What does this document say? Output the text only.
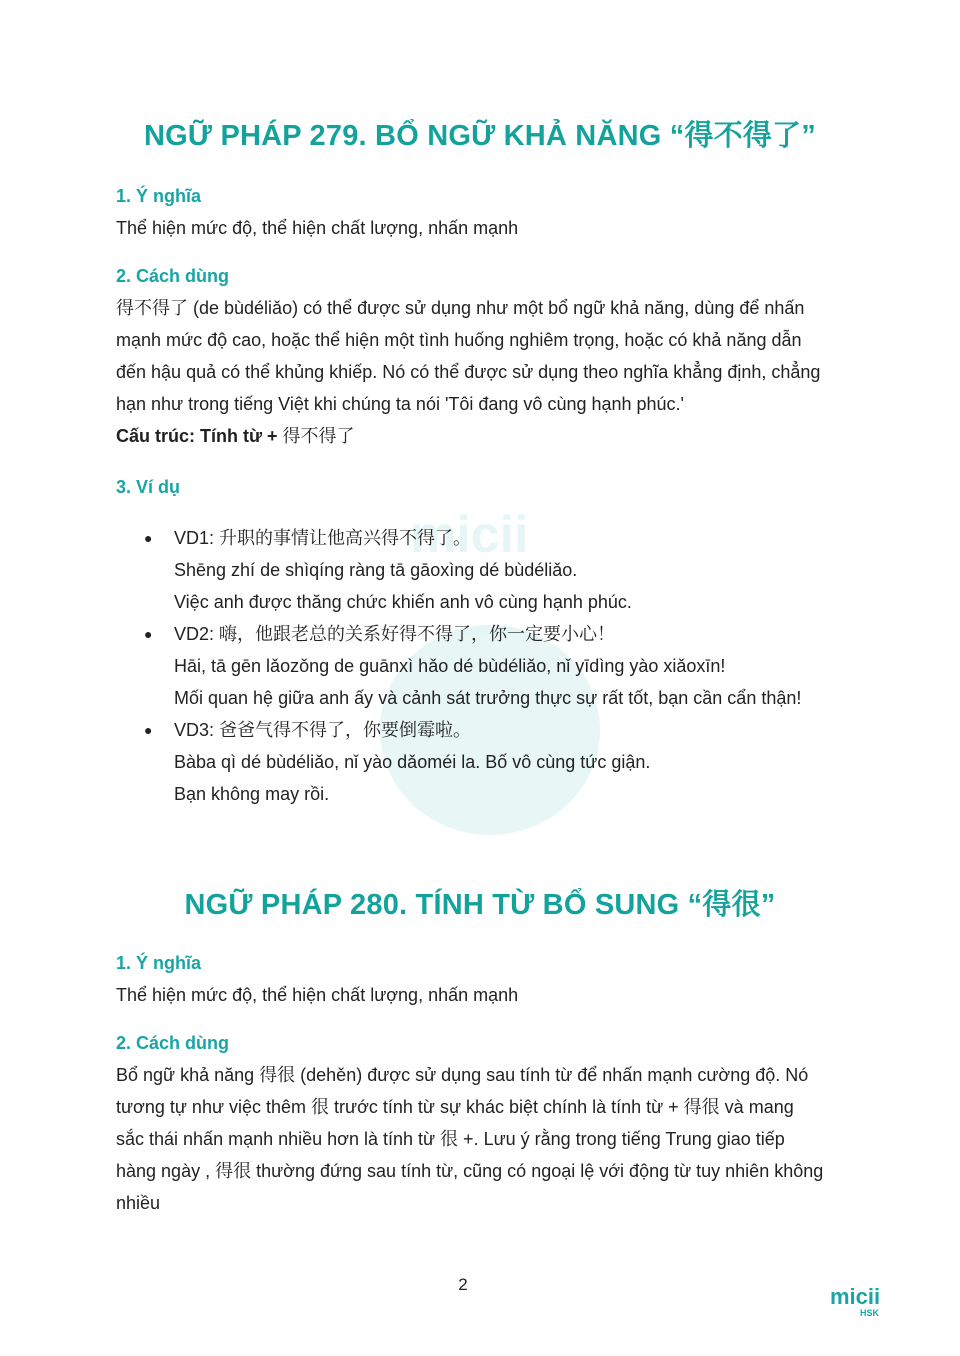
micii
NGỮ PHÁP 279. BỔ NGỮ KHẢ NĂNG “得不得了”
1. Ý nghĩa
Thể hiện mức độ, thể hiện chất lượng, nhấn mạnh
2. Cách dùng
得不得了 (de bùdéliǎo) có thể được sử dụng như một bổ ngữ khả năng, dùng để nhấn
mạnh mức độ cao, hoặc thể hiện một tình huống nghiêm trọng, hoặc có khả năng dẫn
đến hậu quả có thể khủng khiếp. Nó có thể được sử dụng theo nghĩa khẳng định, chẳng
hạn như trong tiếng Việt khi chúng ta nói 'Tôi đang vô cùng hạnh phúc.'
Cấu trúc: Tính từ + 得不得了
3. Ví dụ
● VD1: 升职的事情让他高兴得不得了。
Shēng zhí de shìqíng ràng tā gāoxìng dé bùdéliǎo.
Việc anh được thăng chức khiến anh vô cùng hạnh phúc.
● VD2: 嗨，他跟老总的关系好得不得了，你一定要小心！
Hāi, tā gēn lǎozǒng de guānxì hǎo dé bùdéliǎo, nǐ yīdìng yào xiǎoxīn!
Mối quan hệ giữa anh ấy và cảnh sát trưởng thực sự rất tốt, bạn cần cẩn thận!
● VD3: 爸爸气得不得了，你要倒霉啦。
Bàba qì dé bùdéliǎo, nǐ yào dǎoméi la. Bố vô cùng tức giận.
Bạn không may rồi.
NGỮ PHÁP 280. TÍNH TỪ BỔ SUNG “得很”
1. Ý nghĩa
Thể hiện mức độ, thể hiện chất lượng, nhấn mạnh
2. Cách dùng
Bổ ngữ khả năng 得很 (dehěn) được sử dụng sau tính từ để nhấn mạnh cường độ. Nó
tương tự như việc thêm 很 trước tính từ sự khác biệt chính là tính từ + 得很 và mang
sắc thái nhấn mạnh nhiều hơn là tính từ 很 +. Lưu ý rằng trong tiếng Trung giao tiếp
hàng ngày , 得很 thường đứng sau tính từ, cũng có ngoại lệ với động từ tuy nhiên không
nhiều
2	micii
HSK
